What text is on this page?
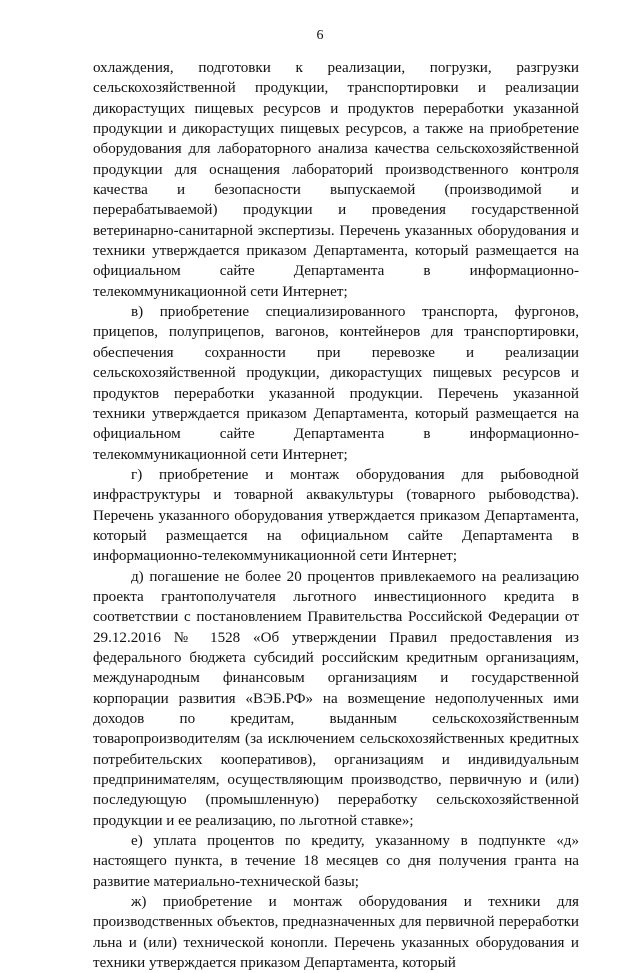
6

охлаждения, подготовки к реализации, погрузки, разгрузки сельскохозяйственной продукции, транспортировки и реализации дикорастущих пищевых ресурсов и продуктов переработки указанной продукции и дикорастущих пищевых ресурсов, а также на приобретение оборудования для лабораторного анализа качества сельскохозяйственной продукции для оснащения лабораторий производственного контроля качества и безопасности выпускаемой (производимой и перерабатываемой) продукции и проведения государственной ветеринарно-санитарной экспертизы. Перечень указанных оборудования и техники утверждается приказом Департамента, который размещается на официальном сайте Департамента в информационно-телекоммуникационной сети Интернет;

в) приобретение специализированного транспорта, фургонов, прицепов, полуприцепов, вагонов, контейнеров для транспортировки, обеспечения сохранности при перевозке и реализации сельскохозяйственной продукции, дикорастущих пищевых ресурсов и продуктов переработки указанной продукции. Перечень указанной техники утверждается приказом Департамента, который размещается на официальном сайте Департамента в информационно-телекоммуникационной сети Интернет;

г) приобретение и монтаж оборудования для рыбоводной инфраструктуры и товарной аквакультуры (товарного рыбоводства). Перечень указанного оборудования утверждается приказом Департамента, который размещается на официальном сайте Департамента в информационно-телекоммуникационной сети Интернет;

д) погашение не более 20 процентов привлекаемого на реализацию проекта грантополучателя льготного инвестиционного кредита в соответствии с постановлением Правительства Российской Федерации от 29.12.2016 № 1528 «Об утверждении Правил предоставления из федерального бюджета субсидий российским кредитным организациям, международным финансовым организациям и государственной корпорации развития «ВЭБ.РФ» на возмещение недополученных ими доходов по кредитам, выданным сельскохозяйственным товаропроизводителям (за исключением сельскохозяйственных кредитных потребительских кооперативов), организациям и индивидуальным предпринимателям, осуществляющим производство, первичную и (или) последующую (промышленную) переработку сельскохозяйственной продукции и ее реализацию, по льготной ставке»;

е) уплата процентов по кредиту, указанному в подпункте «д» настоящего пункта, в течение 18 месяцев со дня получения гранта на развитие материально-технической базы;

ж) приобретение и монтаж оборудования и техники для производственных объектов, предназначенных для первичной переработки льна и (или) технической конопли. Перечень указанных оборудования и техники утверждается приказом Департамента, который
